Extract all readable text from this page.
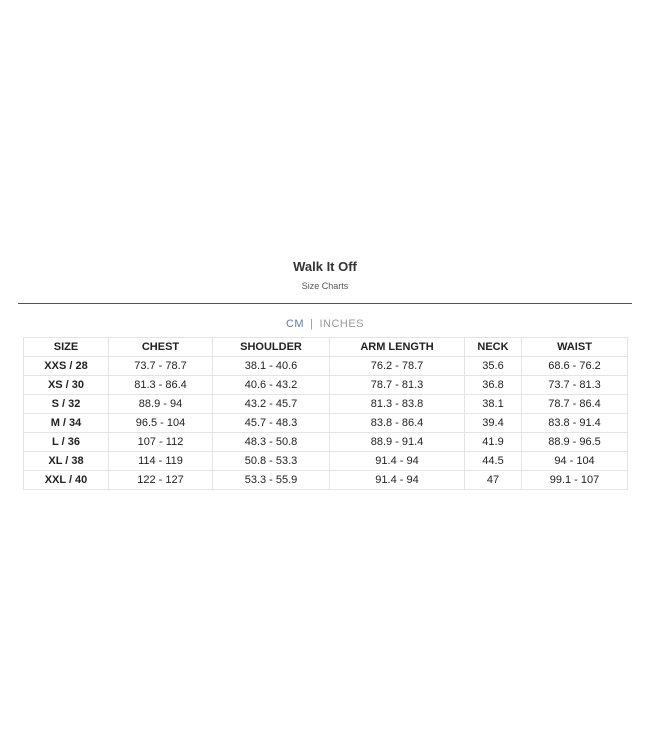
Walk It Off
Size Charts
CM | INCHES
SIZE	CHEST	SHOULDER	ARM LENGTH	NECK	WAIST
XXS / 28	73.7 - 78.7	38.1 - 40.6	76.2 - 78.7	35.6	68.6 - 76.2
XS / 30	81.3 - 86.4	40.6 - 43.2	78.7 - 81.3	36.8	73.7 - 81.3
S / 32	88.9 - 94	43.2 - 45.7	81.3 - 83.8	38.1	78.7 - 86.4
M / 34	96.5 - 104	45.7 - 48.3	83.8 - 86.4	39.4	83.8 - 91.4
L / 36	107 - 112	48.3 - 50.8	88.9 - 91.4	41.9	88.9 - 96.5
XL / 38	114 - 119	50.8 - 53.3	91.4 - 94	44.5	94 - 104
XXL / 40	122 - 127	53.3 - 55.9	91.4 - 94	47	99.1 - 107
